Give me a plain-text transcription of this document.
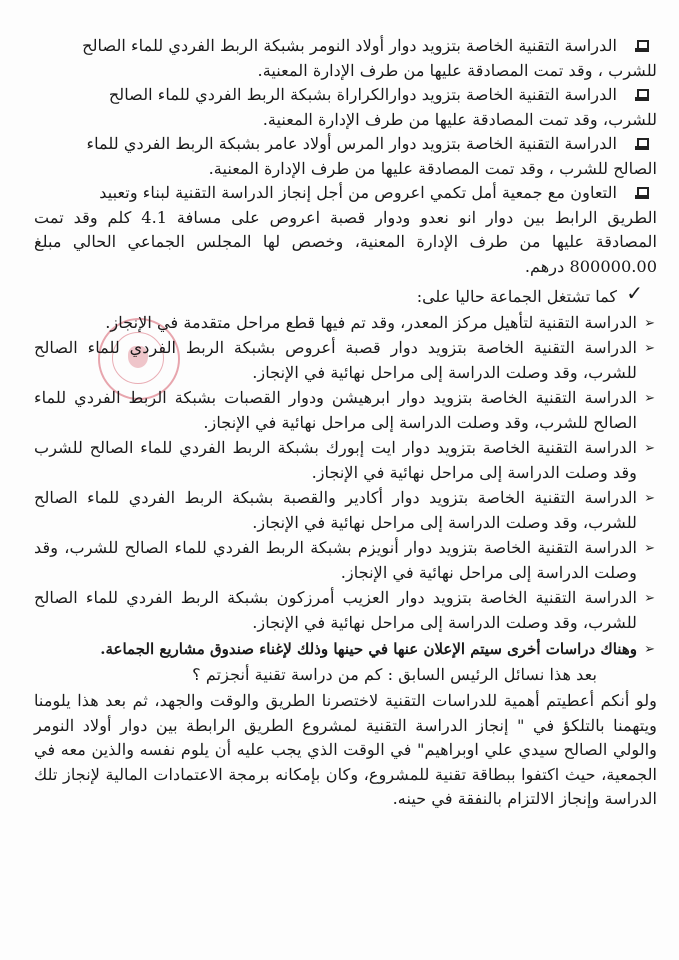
الدراسة التقنية الخاصة بتزويد دوار أولاد النومر بشبكة الربط الفردي للماء الصالح
للشرب ، وقد تمت المصادقة عليها من طرف الإدارة المعنية.
الدراسة التقنية الخاصة بتزويد دوارالكراراة بشبكة الربط الفردي للماء الصالح
للشرب، وقد تمت المصادقة عليها من طرف الإدارة المعنية.
الدراسة التقنية الخاصة بتزويد دوار المرس أولاد عامر بشبكة الربط الفردي للماء
الصالح للشرب ، وقد تمت المصادقة عليها من طرف الإدارة المعنية.
التعاون مع جمعية أمل تكمي اعروص من أجل إنجاز الدراسة التقنية لبناء وتعبيد
الطريق الرابط بين دوار انو نعدو ودوار قصبة اعروص على مسافة 4.1 كلم وقد تمت المصادقة عليها من طرف الإدارة المعنية، وخصص لها المجلس الجماعي الحالي مبلغ 800000.00 درهم.
✓
كما تشتغل الجماعة حاليا على:
➢
الدراسة التقنية لتأهيل مركز المعدر، وقد تم فيها قطع مراحل متقدمة في الإنجاز.
➢
الدراسة التقنية الخاصة بتزويد دوار قصبة أعروص بشبكة الربط الفردي للماء الصالح للشرب، وقد وصلت الدراسة إلى مراحل نهائية في الإنجاز.
➢
الدراسة التقنية الخاصة بتزويد دوار ابرهيشن ودوار القصبات بشبكة الربط الفردي للماء الصالح للشرب، وقد وصلت الدراسة إلى مراحل نهائية في الإنجاز.
➢
الدراسة التقنية الخاصة بتزويد دوار ايت إبورك بشبكة الربط الفردي للماء الصالح للشرب وقد وصلت الدراسة إلى مراحل نهائية في الإنجاز.
➢
الدراسة التقنية الخاصة بتزويد دوار أكادير والقصبة بشبكة الربط الفردي للماء الصالح للشرب، وقد وصلت الدراسة إلى مراحل نهائية في الإنجاز.
➢
الدراسة التقنية الخاصة بتزويد دوار أنويزم بشبكة الربط الفردي للماء الصالح للشرب، وقد وصلت الدراسة إلى مراحل نهائية في الإنجاز.
➢
الدراسة التقنية الخاصة بتزويد دوار العزيب أمرزكون بشبكة الربط الفردي للماء الصالح للشرب، وقد وصلت الدراسة إلى مراحل نهائية في الإنجاز.
➢
وهناك دراسات أخرى سيتم الإعلان عنها في حينها وذلك لإغناء صندوق مشاريع الجماعة.
بعد هذا نسائل الرئيس السابق : كم من دراسة تقنية أنجزتم ؟
ولو أنكم أعطيتم أهمية للدراسات التقنية لاختصرنا الطريق والوقت والجهد، ثم بعد هذا يلومنا ويتهمنا بالتلكؤ في " إنجاز الدراسة التقنية لمشروع الطريق الرابطة بين دوار أولاد النومر والولي الصالح سيدي علي اوبراهيم" في الوقت الذي يجب عليه أن يلوم نفسه والذين معه في الجمعية، حيث اكتفوا ببطاقة تقنية للمشروع، وكان بإمكانه برمجة الاعتمادات المالية لإنجاز تلك الدراسة وإنجاز الالتزام بالنفقة في حينه.
